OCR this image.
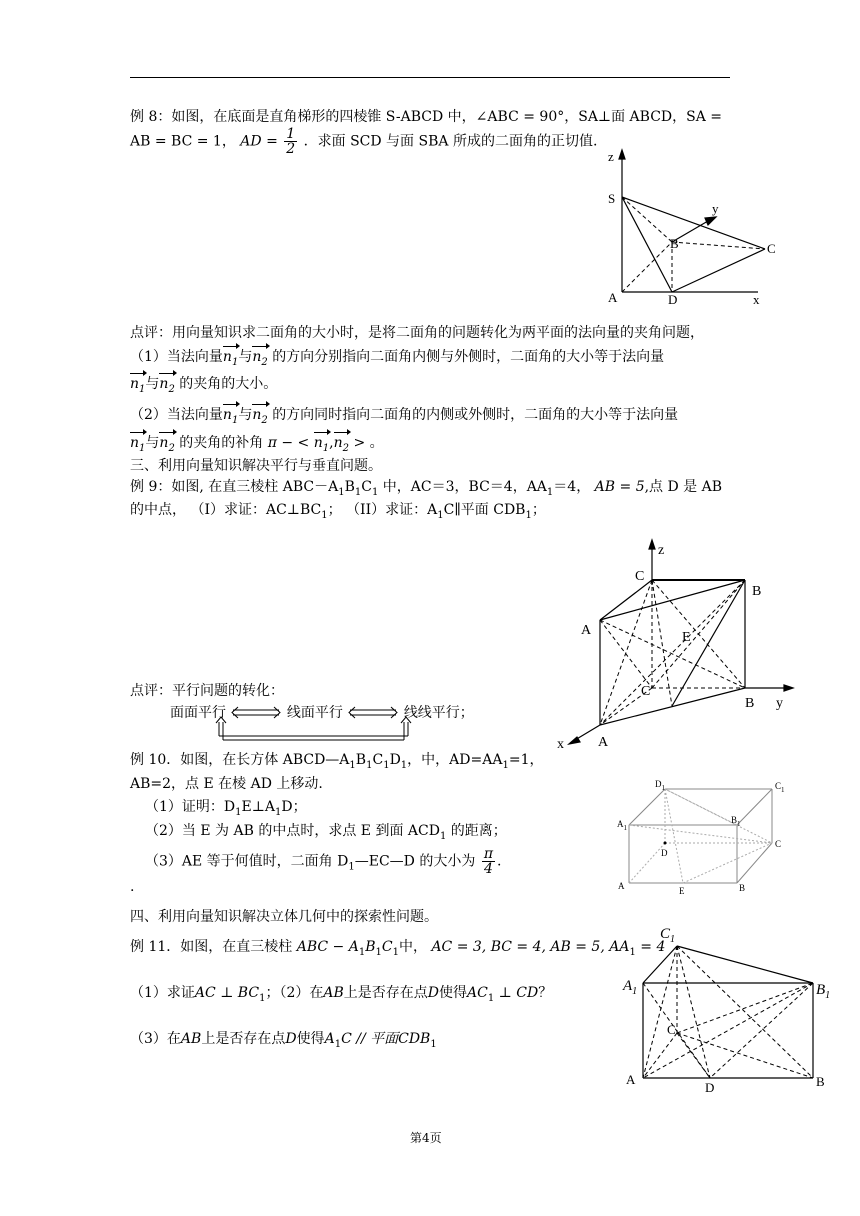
例 8：如图，在底面是直角梯形的四棱锥 S-ABCD 中，∠ABC = 90°，SA⊥面 ABCD，SA =
AB = BC = 1， AD = $\frac{1}{2}$ ．求面 SCD 与面 SBA 所成的二面角的正切值.
z
S
y
B	C
A	D	x
点评：用向量知识求二面角的大小时，是将二面角的问题转化为两平面的法向量的夹角问题，
（1）当法向量$n_1$与$n_2$ 的方向分别指向二面角内侧与外侧时，二面角的大小等于法向量
$n_1$与$n_2$ 的夹角的大小。
（2）当法向量$n_1$与$n_2$ 的方向同时指向二面角的内侧或外侧时，二面角的大小等于法向量
$n_1$与$n_2$ 的夹角的补角 π − < $n_1,n_2$ > 。
三、利用向量知识解决平行与垂直问题。
例 9：如图, 在直三棱柱 $ABC-A_1B_1C_1$ 中，AC＝3，BC＝4，$AA_1=4$， AB = 5,点 D 是 AB
的中点， （I）求证：$AC\perp BC_1$； （II）求证：$A_1C\parallel$平面 $CDB_1$；
z
C
B
A	E
C
B y
x A
点评：平行问题的转化：
面面平行	线面平行	线线平行；
例 10．如图，在长方体 $ABCD—A_1B_1C_1D_1$，中，$AD=AA_1=1$，
AB=2，点 E 在棱 AD 上移动.
（1）证明：$D_1E\perp A_1D$；
（2）当 E 为 AB 的中点时，求点 E 到面 $ACD_1$ 的距离；
（3）AE 等于何值时，二面角 $D_1—EC—D$ 的大小为 $\frac{\pi}{4}$ .
.
$D_1$	$C_1$
$A_1$
$B_1$
D
C
A	E	B
四、利用向量知识解决立体几何中的探索性问题。
例 11．如图，在直三棱柱 ABC − $A_1B_1C_1$中， AC = 3, BC = 4, AB = 5, $AA_1 = 4$
（1）求证AC ⊥ $BC_1$；（2）在AB上是否存在点D使得$AC_1$ ⊥ CD？
（3）在AB上是否存在点D使得$A_1C$ // 平面$CDB_1$
$C_1$
$A_1$	$B_1$
C
A
D	B
第4页
